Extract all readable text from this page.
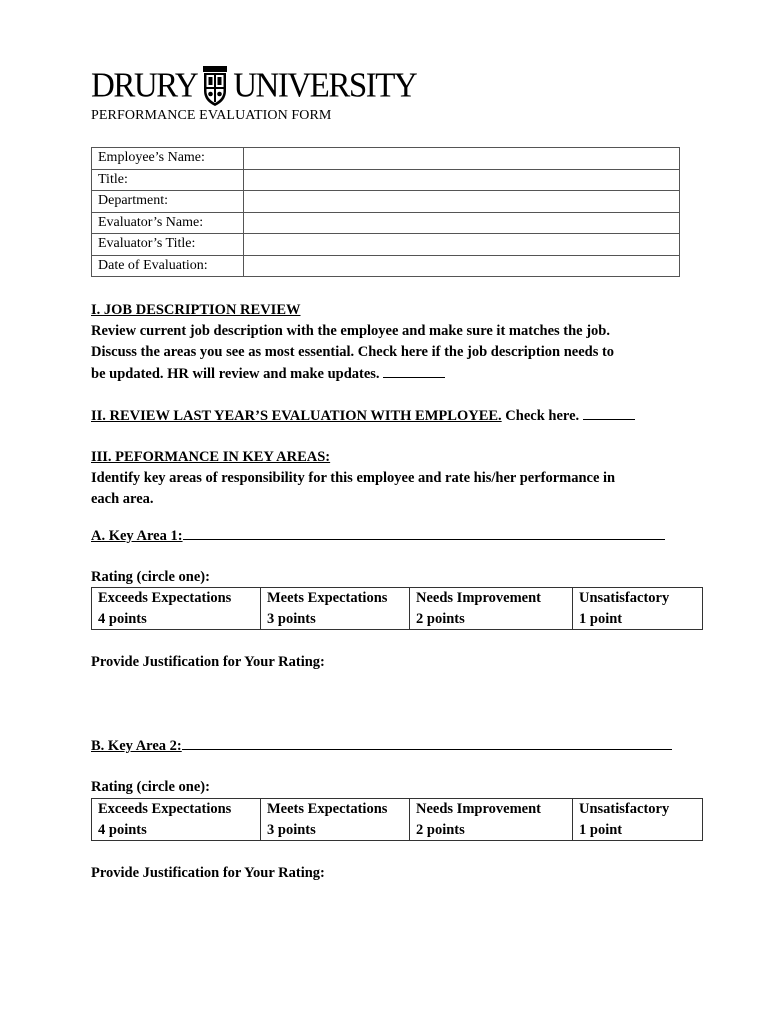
DRURY UNIVERSITY
PERFORMANCE EVALUATION FORM
Employee’s Name:	
Title:	
Department:	
Evaluator’s Name:	
Evaluator’s Title:	
Date of Evaluation:	
I. JOB DESCRIPTION REVIEW
Review current job description with the employee and make sure it matches the job.
Discuss the areas you see as most essential. Check here if the job description needs to
be updated. HR will review and make updates.
II. REVIEW LAST YEAR’S EVALUATION WITH EMPLOYEE. Check here.
III. PEFORMANCE IN KEY AREAS:
Identify key areas of responsibility for this employee and rate his/her performance in
each area.
A. Key Area 1:
Rating (circle one):
Exceeds Expectations
4 points

Meets Expectations
3 points

Needs Improvement
2 points

Unsatisfactory
1 point
Provide Justification for Your Rating:
B. Key Area 2:
Rating (circle one):
Exceeds Expectations
4 points

Meets Expectations
3 points

Needs Improvement
2 points

Unsatisfactory
1 point
Provide Justification for Your Rating:
